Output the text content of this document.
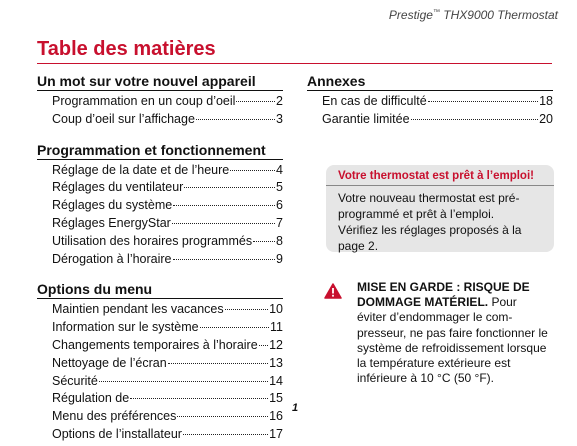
Prestige™ THX9000 Thermostat
Table des matières
Un mot sur votre nouvel appareil
Programmation en un coup d’oeil	2
Coup d’oeil sur l’affichage	3
Programmation et fonctionnement
Réglage de la date et de l’heure	4
Réglages du ventilateur	5
Réglages du système	6
Réglages EnergyStar	7
Utilisation des horaires programmés 8
Dérogation à l’horaire	9
Options du menu
Maintien pendant les vacances	10
Information sur le système	11
Changements temporaires à l’horaire 12
Nettoyage de l’écran	13
Sécurité	14
Régulation de	15
Menu des préférences	16
Options de l’installateur	17
Annexes
En cas de difficulté	18
Garantie limitée	20
Votre thermostat est prêt à l’emploi!
Votre nouveau thermostat est pré-
programmé et prêt à l’emploi.
Vérifiez les réglages proposés à la
page 2.
MISE EN GARDE : RISQUE DE
DOMMAGE MATÉRIEL. Pour
éviter d’endommager le com-
presseur, ne pas faire fonctionner le
système de refroidissement lorsque
la température extérieure est
inférieure à 10 °C (50 °F).
1
